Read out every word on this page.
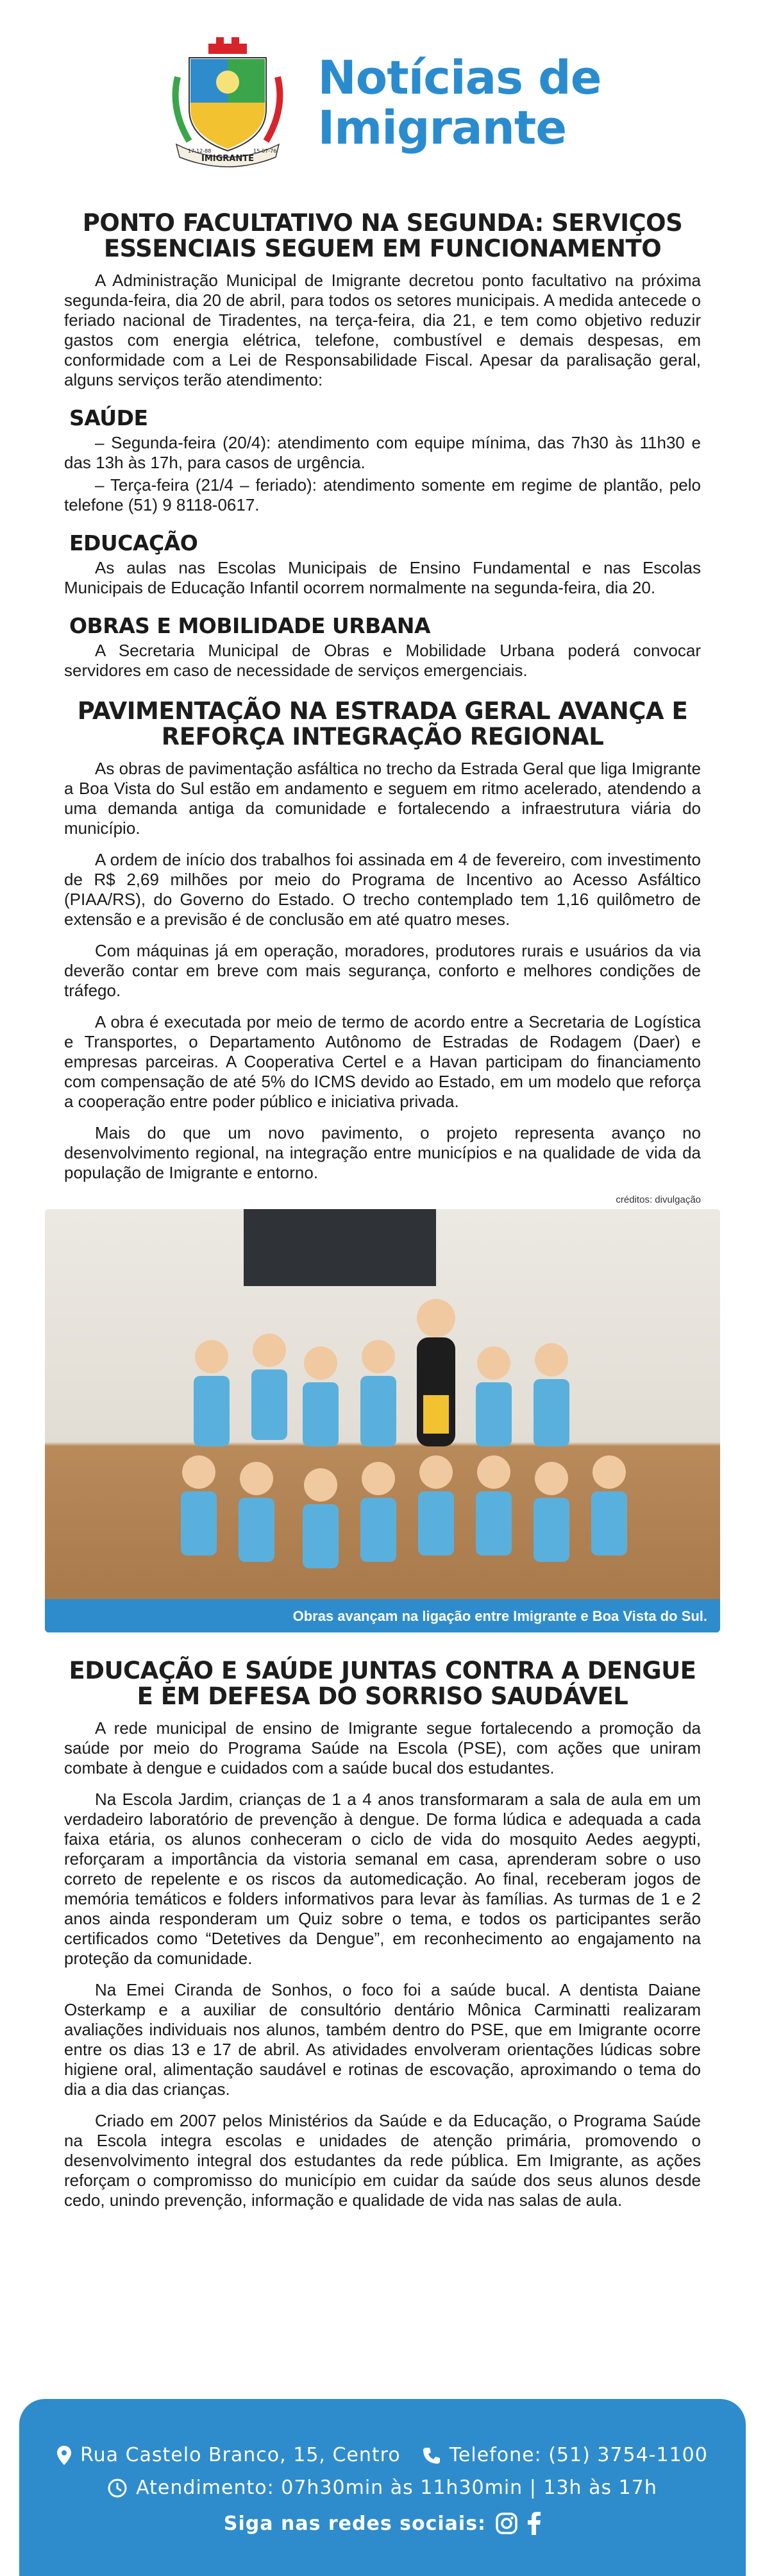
IMIGRANTE
17-12-88	15-07-76
Notícias de
Imigrante
PONTO FACULTATIVO NA SEGUNDA: SERVIÇOS ESSENCIAIS SEGUEM EM FUNCIONAMENTO

A Administração Municipal de Imigrante decretou ponto facultativo na próxima segunda-feira, dia 20 de abril, para todos os setores municipais. A medida antecede o feriado nacional de Tiradentes, na terça-feira, dia 21, e tem como objetivo reduzir gastos com energia elétrica, telefone, combustível e demais despesas, em conformidade com a Lei de Responsabilidade Fiscal. Apesar da paralisação geral, alguns serviços terão atendimento:

SAÚDE

– Segunda-feira (20/4): atendimento com equipe mínima, das 7h30 às 11h30 e das 13h às 17h, para casos de urgência.

– Terça-feira (21/4 – feriado): atendimento somente em regime de plantão, pelo telefone (51) 9 8118-0617.

EDUCAÇÃO

As aulas nas Escolas Municipais de Ensino Fundamental e nas Escolas Municipais de Educação Infantil ocorrem normalmente na segunda-feira, dia 20.

OBRAS E MOBILIDADE URBANA

A Secretaria Municipal de Obras e Mobilidade Urbana poderá convocar servidores em caso de necessidade de serviços emergenciais.

PAVIMENTAÇÃO NA ESTRADA GERAL AVANÇA E REFORÇA INTEGRAÇÃO REGIONAL

As obras de pavimentação asfáltica no trecho da Estrada Geral que liga Imigrante a Boa Vista do Sul estão em andamento e seguem em ritmo acelerado, atendendo a uma demanda antiga da comunidade e fortalecendo a infraestrutura viária do município.

A ordem de início dos trabalhos foi assinada em 4 de fevereiro, com investimento de R$ 2,69 milhões por meio do Programa de Incentivo ao Acesso Asfáltico (PIAA/RS), do Governo do Estado. O trecho contemplado tem 1,16 quilômetro de extensão e a previsão é de conclusão em até quatro meses.

Com máquinas já em operação, moradores, produtores rurais e usuários da via deverão contar em breve com mais segurança, conforto e melhores condições de tráfego.

A obra é executada por meio de termo de acordo entre a Secretaria de Logística e Transportes, o Departamento Autônomo de Estradas de Rodagem (Daer) e empresas parceiras. A Cooperativa Certel e a Havan participam do financiamento com compensação de até 5% do ICMS devido ao Estado, em um modelo que reforça a cooperação entre poder público e iniciativa privada.

Mais do que um novo pavimento, o projeto representa avanço no desenvolvimento regional, na integração entre municípios e na qualidade de vida da população de Imigrante e entorno.

créditos: divulgação
Obras avançam na ligação entre Imigrante e Boa Vista do Sul.
EDUCAÇÃO E SAÚDE JUNTAS CONTRA A DENGUE E EM DEFESA DO SORRISO SAUDÁVEL

A rede municipal de ensino de Imigrante segue fortalecendo a promoção da saúde por meio do Programa Saúde na Escola (PSE), com ações que uniram combate à dengue e cuidados com a saúde bucal dos estudantes.

Na Escola Jardim, crianças de 1 a 4 anos transformaram a sala de aula em um verdadeiro laboratório de prevenção à dengue. De forma lúdica e adequada a cada faixa etária, os alunos conheceram o ciclo de vida do mosquito Aedes aegypti, reforçaram a importância da vistoria semanal em casa, aprenderam sobre o uso correto de repelente e os riscos da automedicação. Ao final, receberam jogos de memória temáticos e folders informativos para levar às famílias. As turmas de 1 e 2 anos ainda responderam um Quiz sobre o tema, e todos os participantes serão certificados como “Detetives da Dengue”, em reconhecimento ao engajamento na proteção da comunidade.

Na Emei Ciranda de Sonhos, o foco foi a saúde bucal. A dentista Daiane Osterkamp e a auxiliar de consultório dentário Mônica Carminatti realizaram avaliações individuais nos alunos, também dentro do PSE, que em Imigrante ocorre entre os dias 13 e 17 de abril. As atividades envolveram orientações lúdicas sobre higiene oral, alimentação saudável e rotinas de escovação, aproximando o tema do dia a dia das crianças.

Criado em 2007 pelos Ministérios da Saúde e da Educação, o Programa Saúde na Escola integra escolas e unidades de atenção primária, promovendo o desenvolvimento integral dos estudantes da rede pública. Em Imigrante, as ações reforçam o compromisso do município em cuidar da saúde dos seus alunos desde cedo, unindo prevenção, informação e qualidade de vida nas salas de aula.

Rua Castelo Branco, 15, Centro	Telefone: (51) 3754-1100
Atendimento: 07h30min às 11h30min | 13h às 17h
Siga nas redes sociais:
